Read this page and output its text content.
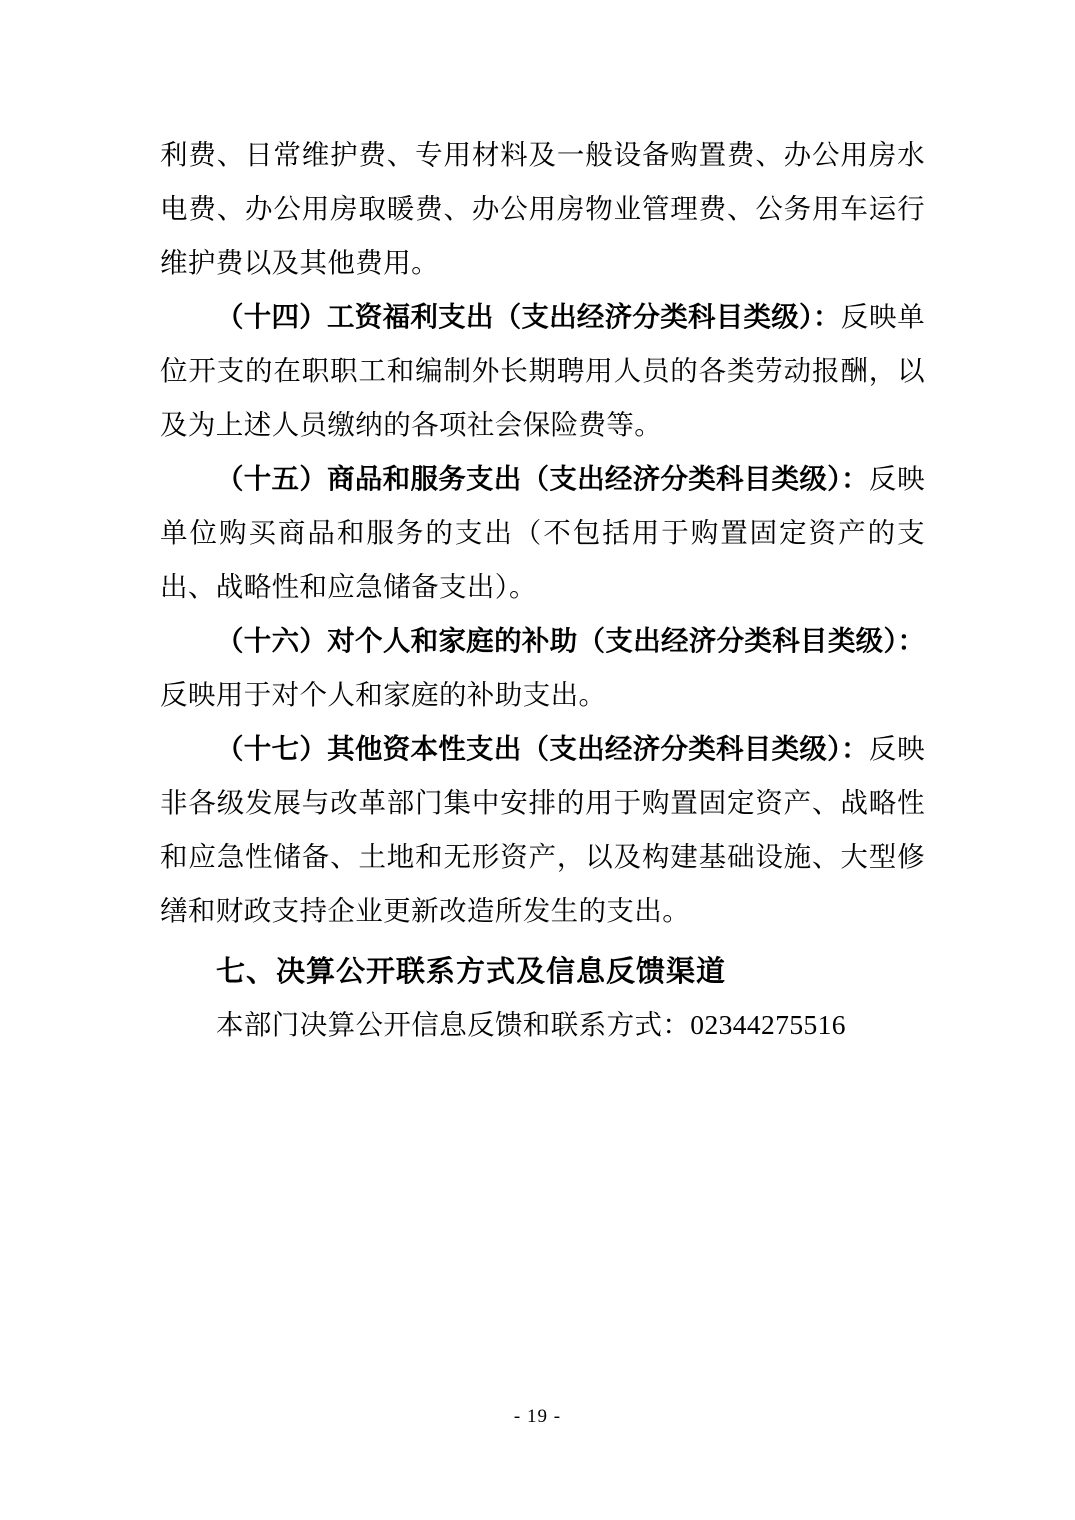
利费、日常维护费、专用材料及一般设备购置费、办公用房水电费、办公用房取暖费、办公用房物业管理费、公务用车运行维护费以及其他费用。

（十四）工资福利支出（支出经济分类科目类级）：反映单位开支的在职职工和编制外长期聘用人员的各类劳动报酬，以及为上述人员缴纳的各项社会保险费等。

（十五）商品和服务支出（支出经济分类科目类级）：反映单位购买商品和服务的支出（不包括用于购置固定资产的支出、战略性和应急储备支出）。

（十六）对个人和家庭的补助（支出经济分类科目类级）：反映用于对个人和家庭的补助支出。

（十七）其他资本性支出（支出经济分类科目类级）：反映非各级发展与改革部门集中安排的用于购置固定资产、战略性和应急性储备、土地和无形资产，以及构建基础设施、大型修缮和财政支持企业更新改造所发生的支出。

七、决算公开联系方式及信息反馈渠道

本部门决算公开信息反馈和联系方式：02344275516

- 19 -
